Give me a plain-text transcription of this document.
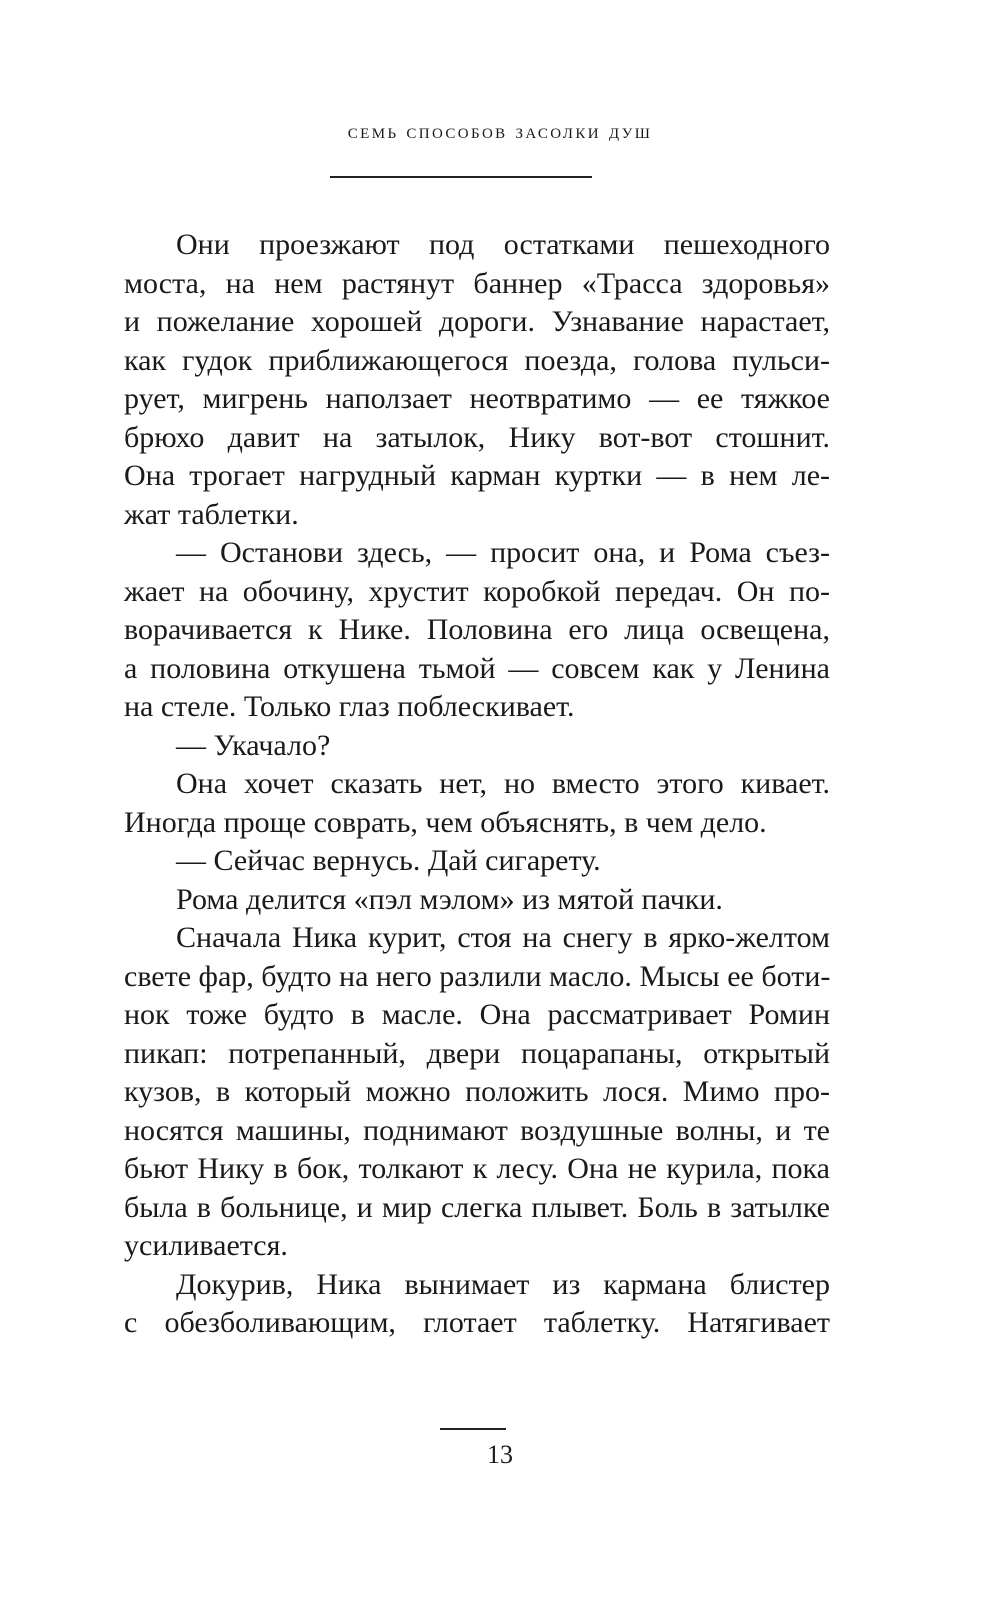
семь способов засолки душ
Они проезжают под остатками пешеходного
моста, на нем растянут баннер «Трасса здоровья»
и пожелание хорошей дороги. Узнавание нарастает,
как гудок приближающегося поезда, голова пульси-
рует, мигрень наползает неотвратимо — ее тяжкое
брюхо давит на затылок, Нику вот-вот стошнит.
Она трогает нагрудный карман куртки — в нем ле-
жат таблетки.
— Останови здесь, — просит она, и Рома съез-
жает на обочину, хрустит коробкой передач. Он по-
ворачивается к Нике. Половина его лица освещена,
а половина откушена тьмой — совсем как у Ленина
на стеле. Только глаз поблескивает.
— Укачало?
Она хочет сказать нет, но вместо этого кивает.
Иногда проще соврать, чем объяснять, в чем дело.
— Сейчас вернусь. Дай сигарету.
Рома делится «пэл мэлом» из мятой пачки.
Сначала Ника курит, стоя на снегу в ярко-желтом
свете фар, будто на него разлили масло. Мысы ее боти-
нок тоже будто в масле. Она рассматривает Ромин
пикап: потрепанный, двери поцарапаны, открытый
кузов, в который можно положить лося. Мимо про-
носятся машины, поднимают воздушные волны, и те
бьют Нику в бок, толкают к лесу. Она не курила, пока
была в больнице, и мир слегка плывет. Боль в затылке
усиливается.
Докурив, Ника вынимает из кармана блистер
с обезболивающим, глотает таблетку. Натягивает
13
